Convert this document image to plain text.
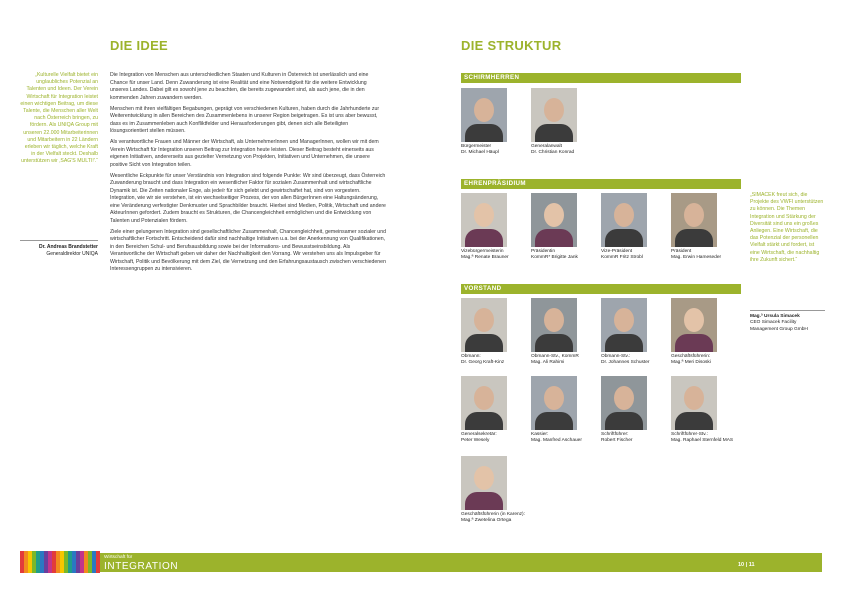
DIE IDEE
„Kulturelle Vielfalt bietet ein unglaubliches Potenzial an Talenten und Ideen. Der Verein Wirtschaft für Integration leistet einen wichtigen Beitrag, um diese Talente, die Menschen aller Welt nach Österreich bringen, zu fördern. Als UNIQA Group mit unseren 22.000 Mitarbeiterinnen und Mitarbeitern in 22 Ländern erleben wir täglich, welche Kraft in der Vielfalt steckt. Deshalb unterstützen wir ‚SAG'S MULTI!'.“
Dr. Andreas Brandstetter
Generaldirektor UNIQA

Die Integration von Menschen aus unterschiedlichen Staaten und Kulturen in Österreich ist unerlässlich und eine Chance für unser Land. Denn Zuwanderung ist eine Realität und eine Notwendigkeit für die weitere Entwicklung unseres Landes. Dabei gilt es sowohl jene zu beachten, die bereits zugewandert sind, als auch jene, die in den kommenden Jahren zuwandern werden.

Menschen mit ihren vielfältigen Begabungen, geprägt von verschiedenen Kulturen, haben durch die Jahrhunderte zur Weiterentwicklung in allen Bereichen des Zusammenlebens in unserer Region beigetragen. Es ist uns aber bewusst, dass es im Zusammenleben auch Konfliktfelder und Herausforderungen gibt, denen sich alle Beteiligten lösungsorientiert stellen müssen.

Als verantwortliche Frauen und Männer der Wirtschaft, als UnternehmerInnen und ManagerInnen, wollen wir mit dem Verein Wirtschaft für Integration unseren Beitrag zur Integration heute leisten. Dieser Beitrag besteht einerseits aus eigenen Initiativen, andererseits aus gezielter Vernetzung von Projekten, Initiativen und Unternehmen, die unsere positive Sicht von Integration teilen.

Wesentliche Eckpunkte für unser Verständnis von Integration sind folgende Punkte: Wir sind überzeugt, dass Österreich Zuwanderung braucht und dass Integration ein wesentlicher Faktor für sozialen Zusammenhalt und wirtschaftliche Dynamik ist. Die Zeiten nationaler Enge, als jede/r für sich gelebt und gewirtschaftet hat, sind von vorgestern. Integration, wie wir sie verstehen, ist ein wechselseitiger Prozess, der von allen BürgerInnen eine Haltungsänderung, eine Veränderung verfestigter Denkmuster und Sprachbilder braucht. Hierbei sind Medien, Politik, Wirtschaft und andere AkteurInnen gefordert. Zudem braucht es Strukturen, die Chancengleichheit ermöglichen und die Entwicklung von Talenten und Potenzialen fördern.

Ziele einer gelungenen Integration sind gesellschaftlicher Zusammenhalt, Chancengleichheit, gemeinsamer sozialer und wirtschaftlicher Fortschritt. Entscheidend dafür sind nachhaltige Initiativen u.a. bei der Anerkennung von Qualifikationen, in den Bereichen Schul- und Berufsausbildung sowie bei der Informations- und Bewusstseinsbildung. Als Verantwortliche der Wirtschaft geben wir daher der Nachhaltigkeit den Vorrang. Wir verstehen uns als Impulsgeber für Wirtschaft, Politik und Bevölkerung mit dem Ziel, die Vernetzung und den Erfahrungsaustausch zwischen verschiedenen Interessengruppen zu intensivieren.

DIE STRUKTUR
SCHIRMHERREN
EHRENPRÄSIDIUM
VORSTAND
Bürgermeister
Dr. Michael Häupl
Generalanwalt
Dr. Christian Konrad
Vizebürgermeisterin
Mag.ª Renate Brauner
Präsidentin
KommR* Brigitte Jank
Vize-Präsident
KommR Fritz Strobl
Präsident
Mag. Erwin Hameseder
Obmann:
Dr. Georg Kraft-Kinz
Obmann-Stv., KommR
Mag. Ali Rahimi
Obmann-Stv.:
Dr. Johannes Schuster
Geschäftsführerin:
Mag.ª Meri Disoski
Generalsekretär:
Peter Wesely
Kassier:
Mag. Manfred Aschauer
Schriftführer:
Robert Fischer
Schriftführer-Stv.:
Mag. Raphael Sternfeld MAS
Geschäftsführerin (in Karenz):
Mag.ª Zwetelina Ortega
„SIMACEK freut sich, die Projekte des VWFI unterstützen zu können. Die Themen Integration und Stärkung der Diversität sind uns ein großes Anliegen. Eine Wirtschaft, die das Potenzial der personellen Vielfalt stärkt und fordert, ist eine Wirtschaft, die nachhaltig ihre Zukunft sichert.“
Mag.ª Ursula Simacek
CEO Simacek Facility Management Group GmbH
Wirtschaft für
INTEGRATION	10 | 11
